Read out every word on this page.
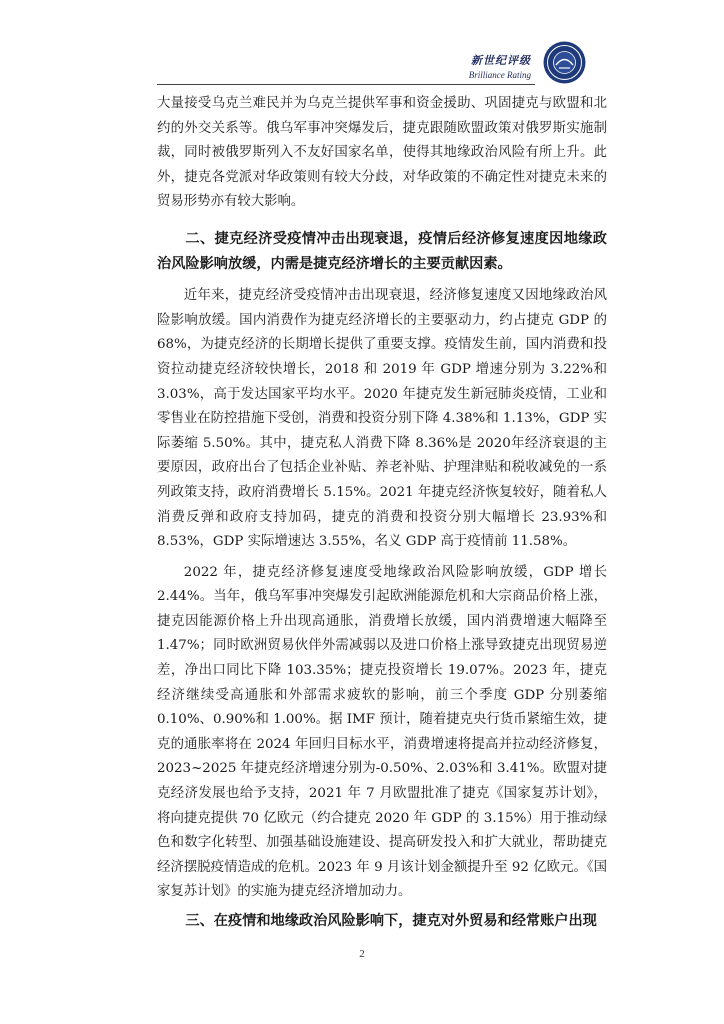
新世纪评级
Brilliance Rating

大量接受乌克兰难民并为乌克兰提供军事和资金援助、巩固捷克与欧盟和北约的外交关系等。俄乌军事冲突爆发后，捷克跟随欧盟政策对俄罗斯实施制裁，同时被俄罗斯列入不友好国家名单，使得其地缘政治风险有所上升。此外，捷克各党派对华政策则有较大分歧，对华政策的不确定性对捷克未来的贸易形势亦有较大影响。

二、捷克经济受疫情冲击出现衰退，疫情后经济修复速度因地缘政治风险影响放缓，内需是捷克经济增长的主要贡献因素。

近年来，捷克经济受疫情冲击出现衰退，经济修复速度又因地缘政治风险影响放缓。国内消费作为捷克经济增长的主要驱动力，约占捷克 GDP 的 68%，为捷克经济的长期增长提供了重要支撑。疫情发生前，国内消费和投资拉动捷克经济较快增长，2018 和 2019 年 GDP 增速分别为 3.22%和 3.03%，高于发达国家平均水平。2020 年捷克发生新冠肺炎疫情，工业和零售业在防控措施下受创，消费和投资分别下降 4.38%和 1.13%，GDP 实际萎缩 5.50%。其中，捷克私人消费下降 8.36%是 2020年经济衰退的主要原因，政府出台了包括企业补贴、养老补贴、护理津贴和税收减免的一系列政策支持，政府消费增长 5.15%。2021 年捷克经济恢复较好，随着私人消费反弹和政府支持加码，捷克的消费和投资分别大幅增长 23.93%和 8.53%，GDP 实际增速达 3.55%，名义 GDP 高于疫情前 11.58%。

2022 年，捷克经济修复速度受地缘政治风险影响放缓，GDP 增长 2.44%。当年，俄乌军事冲突爆发引起欧洲能源危机和大宗商品价格上涨，捷克因能源价格上升出现高通胀，消费增长放缓，国内消费增速大幅降至 1.47%；同时欧洲贸易伙伴外需减弱以及进口价格上涨导致捷克出现贸易逆差，净出口同比下降 103.35%；捷克投资增长 19.07%。2023 年，捷克经济继续受高通胀和外部需求疲软的影响，前三个季度 GDP 分别萎缩 0.10%、0.90%和 1.00%。据 IMF 预计，随着捷克央行货币紧缩生效，捷克的通胀率将在 2024 年回归目标水平，消费增速将提高并拉动经济修复，2023~2025 年捷克经济增速分别为-0.50%、2.03%和 3.41%。欧盟对捷克经济发展也给予支持，2021 年 7 月欧盟批准了捷克《国家复苏计划》，将向捷克提供 70 亿欧元（约合捷克 2020 年 GDP 的 3.15%）用于推动绿色和数字化转型、加强基础设施建设、提高研发投入和扩大就业，帮助捷克经济摆脱疫情造成的危机。2023 年 9 月该计划金额提升至 92 亿欧元。《国家复苏计划》的实施为捷克经济增加动力。

三、在疫情和地缘政治风险影响下，捷克对外贸易和经常账户出现

2
